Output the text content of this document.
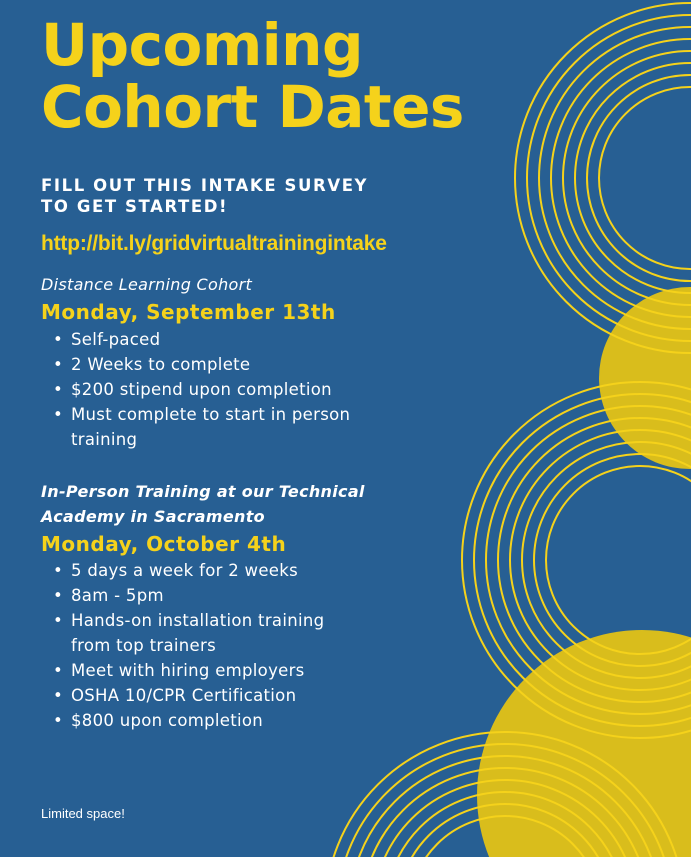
Upcoming
Cohort Dates

FILL OUT THIS INTAKE SURVEY
TO GET STARTED!

http://bit.ly/gridvirtualtrainingintake

Distance Learning Cohort

Monday, September 13th

• Self-paced
• 2 Weeks to complete
• $200 stipend upon completion
• Must complete to start in person
training

In-Person Training at our Technical
Academy in Sacramento

Monday, October 4th

• 5 days a week for 2 weeks
• 8am - 5pm
• Hands-on installation training
from top trainers
• Meet with hiring employers
• OSHA 10/CPR Certification
• $800 upon completion
Limited space!
